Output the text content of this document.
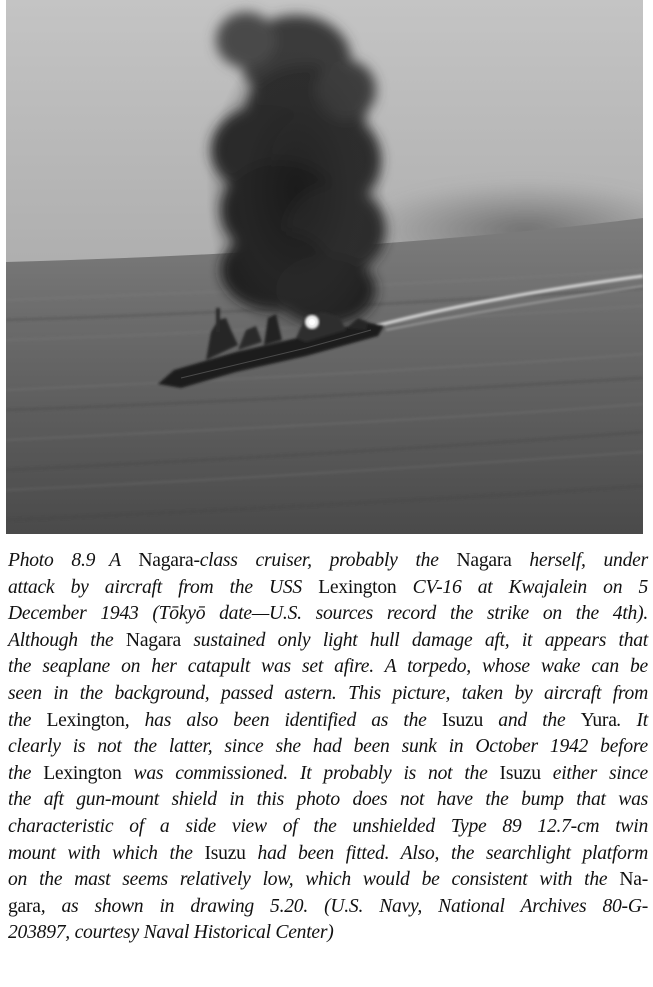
Photo 8.9 A Nagara-class cruiser, probably the Nagara herself, under
attack by aircraft from the USS Lexington CV-16 at Kwajalein on 5
December 1943 (Tōkyō date—U.S. sources record the strike on the 4th).
Although the Nagara sustained only light hull damage aft, it appears that
the seaplane on her catapult was set afire. A torpedo, whose wake can be
seen in the background, passed astern. This picture, taken by aircraft from
the Lexington, has also been identified as the Isuzu and the Yura. It
clearly is not the latter, since she had been sunk in October 1942 before
the Lexington was commissioned. It probably is not the Isuzu either since
the aft gun-mount shield in this photo does not have the bump that was
characteristic of a side view of the unshielded Type 89 12.7-cm twin
mount with which the Isuzu had been fitted. Also, the searchlight platform
on the mast seems relatively low, which would be consistent with the Na-
gara, as shown in drawing 5.20. (U.S. Navy, National Archives 80-G-
203897, courtesy Naval Historical Center)
